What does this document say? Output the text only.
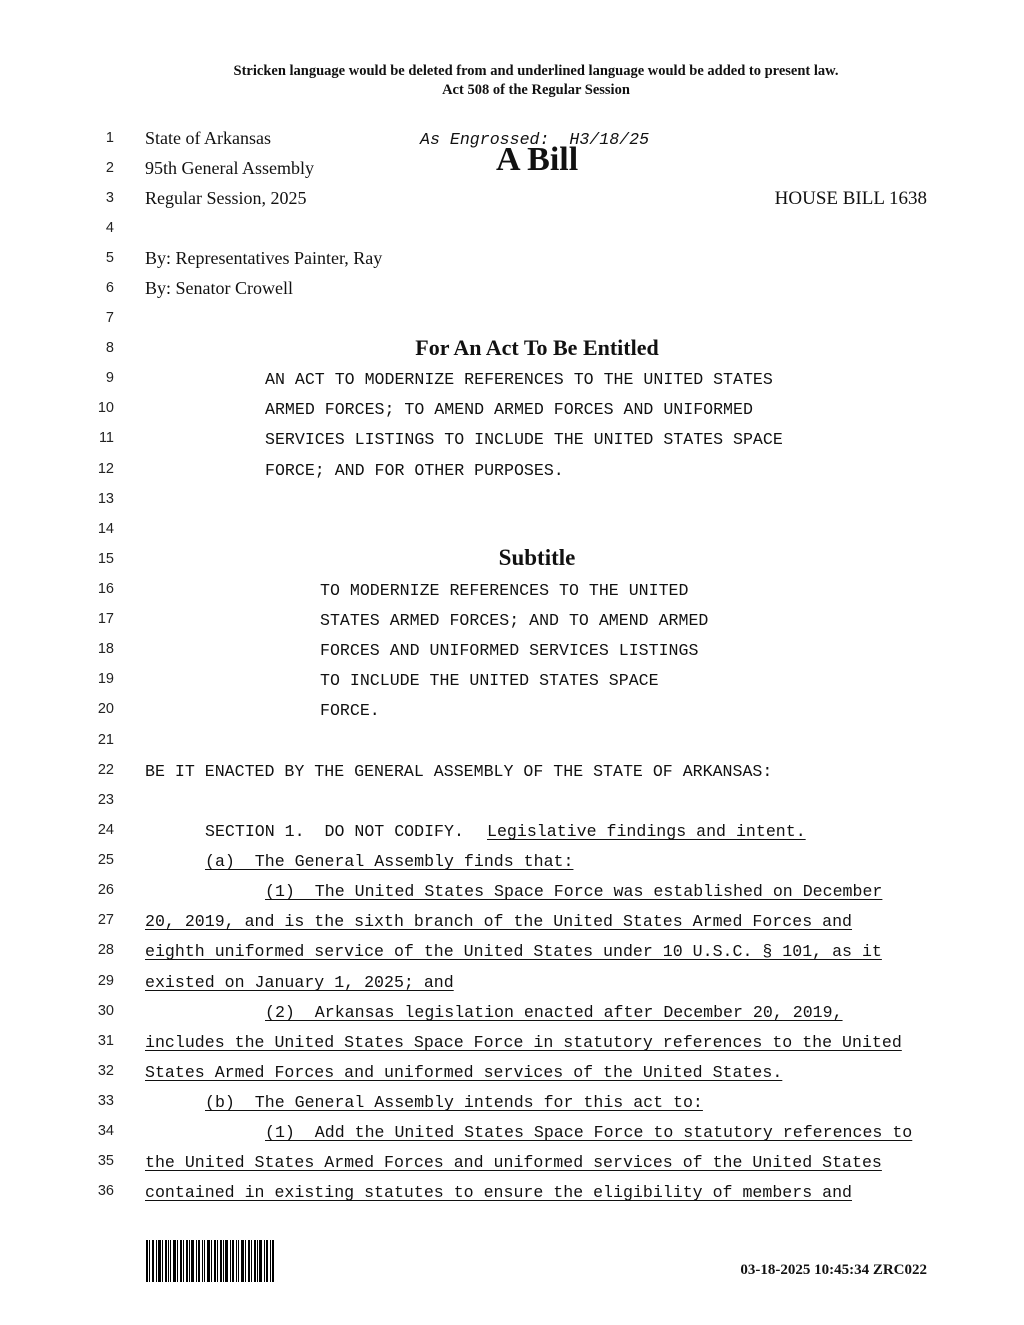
Stricken language would be deleted from and underlined language would be added to present law.
Act 508 of the Regular Session
1
2
3
4
5
6
7
8
9
10
11
12
13
14
15
16
17
18
19
20
21
22
23
24
25
26
27
28
29
30
31
32
33
34
35
36
State of Arkansas	As Engrossed:  H3/18/25
95th General Assembly	A Bill
Regular Session, 2025	HOUSE BILL 1638
By: Representatives Painter, Ray
By: Senator Crowell
For An Act To Be Entitled
AN ACT TO MODERNIZE REFERENCES TO THE UNITED STATES
ARMED FORCES; TO AMEND ARMED FORCES AND UNIFORMED
SERVICES LISTINGS TO INCLUDE THE UNITED STATES SPACE
FORCE; AND FOR OTHER PURPOSES.
Subtitle
TO MODERNIZE REFERENCES TO THE UNITED
STATES ARMED FORCES; AND TO AMEND ARMED
FORCES AND UNIFORMED SERVICES LISTINGS
TO INCLUDE THE UNITED STATES SPACE
FORCE.
BE IT ENACTED BY THE GENERAL ASSEMBLY OF THE STATE OF ARKANSAS:
SECTION 1.  DO NOT CODIFY. Legislative findings and intent.
(a)  The General Assembly finds that:
(1)  The United States Space Force was established on December
20, 2019, and is the sixth branch of the United States Armed Forces and
eighth uniformed service of the United States under 10 U.S.C. § 101, as it
existed on January 1, 2025; and
(2)  Arkansas legislation enacted after December 20, 2019,
includes the United States Space Force in statutory references to the United
States Armed Forces and uniformed services of the United States.
(b)  The General Assembly intends for this act to:
(1)  Add the United States Space Force to statutory references to
the United States Armed Forces and uniformed services of the United States
contained in existing statutes to ensure the eligibility of members and
03-18-2025 10:45:34 ZRC022
